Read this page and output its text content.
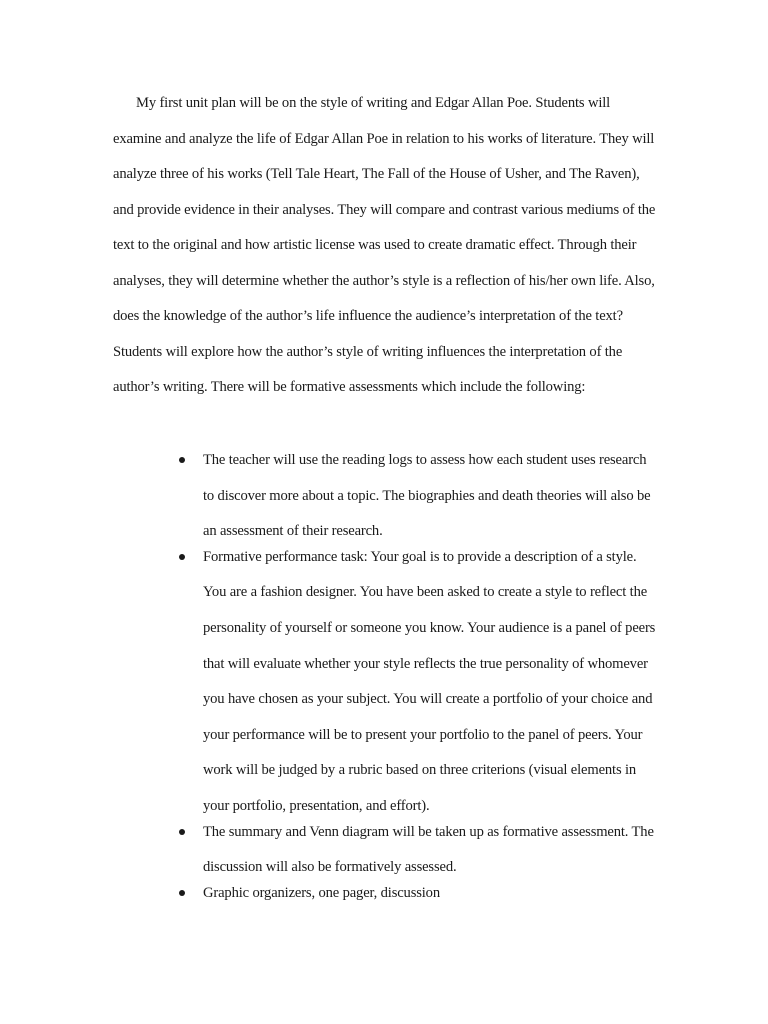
My first unit plan will be on the style of writing and Edgar Allan Poe. Students will examine and analyze the life of Edgar Allan Poe in relation to his works of literature. They will analyze three of his works (Tell Tale Heart, The Fall of the House of Usher, and The Raven), and provide evidence in their analyses. They will compare and contrast various mediums of the text to the original and how artistic license was used to create dramatic effect. Through their analyses, they will determine whether the author’s style is a reflection of his/her own life. Also, does the knowledge of the author’s life influence the audience’s interpretation of the text? Students will explore how the author’s style of writing influences the interpretation of the author’s writing. There will be formative assessments which include the following:

The teacher will use the reading logs to assess how each student uses research to discover more about a topic. The biographies and death theories will also be an assessment of their research.
Formative performance task: Your goal is to provide a description of a style. You are a fashion designer. You have been asked to create a style to reflect the personality of yourself or someone you know. Your audience is a panel of peers that will evaluate whether your style reflects the true personality of whomever you have chosen as your subject. You will create a portfolio of your choice and your performance will be to present your portfolio to the panel of peers. Your work will be judged by a rubric based on three criterions (visual elements in your portfolio, presentation, and effort).
The summary and Venn diagram will be taken up as formative assessment. The discussion will also be formatively assessed.
Graphic organizers, one pager, discussion
